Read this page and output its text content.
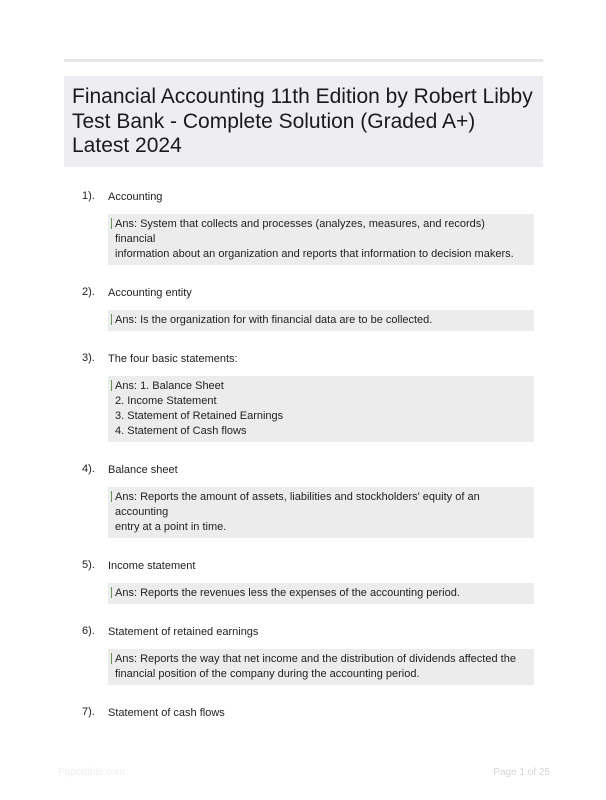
Financial Accounting 11th Edition by Robert Libby Test Bank - Complete Solution (Graded A+) Latest 2024
1). Accounting
Ans: System that collects and processes (analyzes, measures, and records) financial
information about an organization and reports that information to decision makers.
2). Accounting entity
Ans: Is the organization for with financial data are to be collected.
3). The four basic statements:
Ans: 1. Balance Sheet
2. Income Statement
3. Statement of Retained Earnings
4. Statement of Cash flows
4). Balance sheet
Ans: Reports the amount of assets, liabilities and stockholders' equity of an accounting
entry at a point in time.
5). Income statement
Ans: Reports the revenues less the expenses of the accounting period.
6). Statement of retained earnings
Ans: Reports the way that net income and the distribution of dividends affected the
financial position of the company during the accounting period.
7). Statement of cash flows
Papertible.com	Page 1 of 25
